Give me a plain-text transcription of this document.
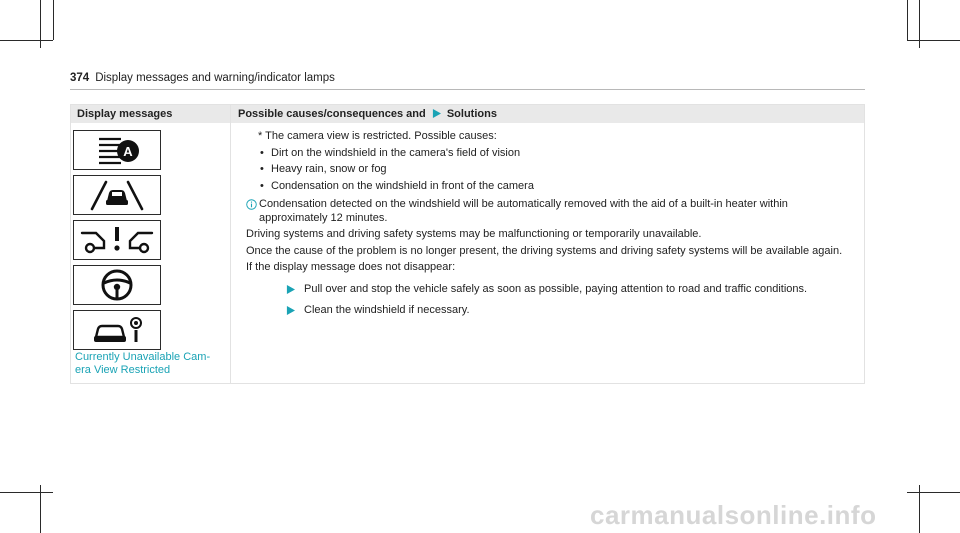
374 Display messages and warning/indicator lamps
Display messages	Possible causes/consequences and Solutions
A
Currently Unavailable Cam-era View Restricted

* The camera view is restricted. Possible causes:

• Dirt on the windshield in the camera's field of vision
• Heavy rain, snow or fog
• Condensation on the windshield in front of the camera
Condensation detected on the windshield will be automatically removed with the aid of a built-in heater within approximately 12 minutes.

Driving systems and driving safety systems may be malfunctioning or temporarily unavailable.

Once the cause of the problem is no longer present, the driving systems and driving safety systems will be available again.

If the display message does not disappear:

Pull over and stop the vehicle safely as soon as possible, paying attention to road and traffic conditions.
Clean the windshield if necessary.
carmanualsonline.info
